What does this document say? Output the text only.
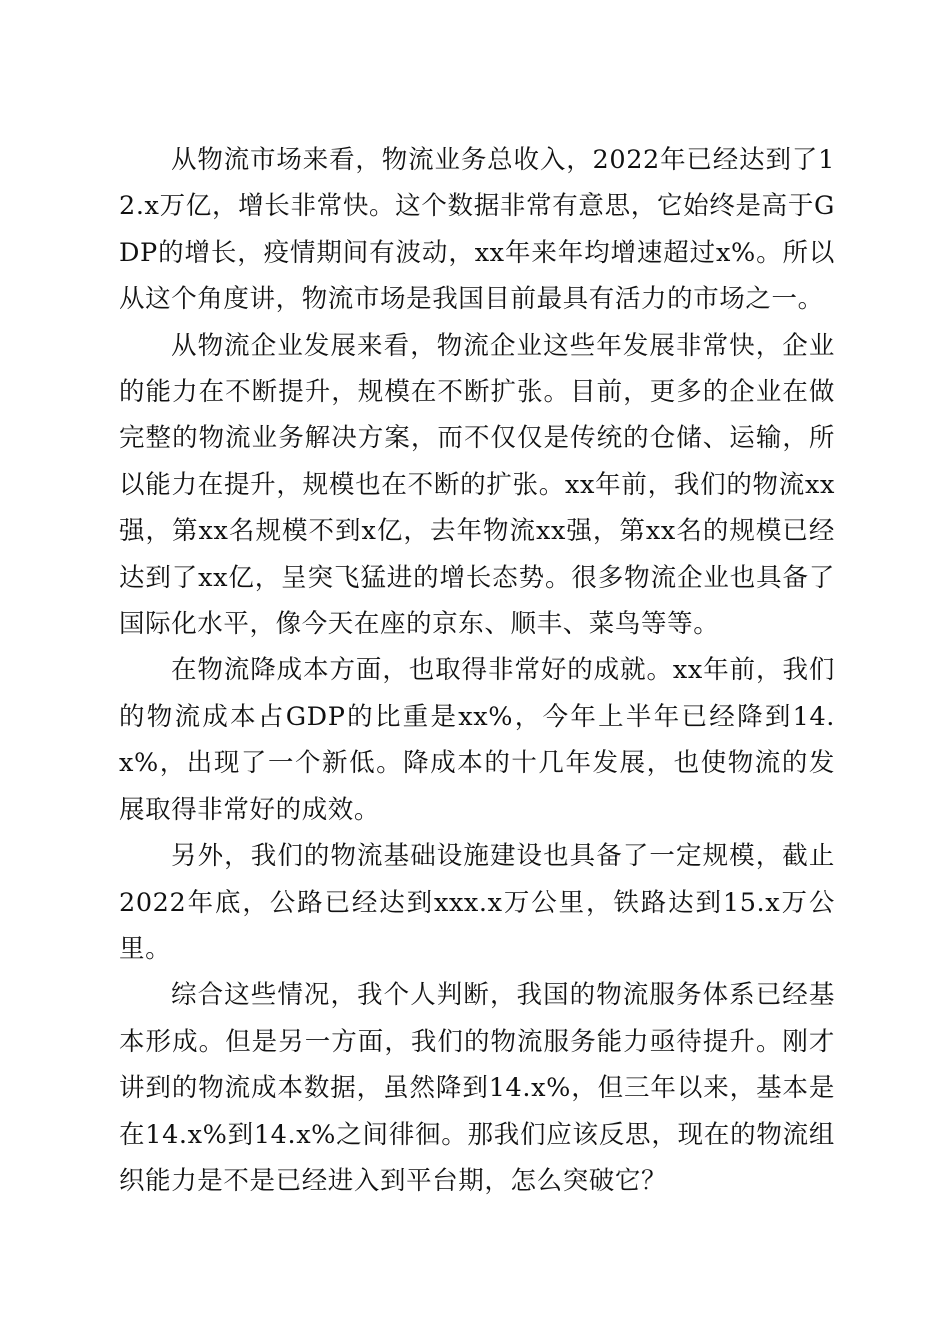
从物流市场来看，物流业务总收入，2022年已经达到了12.x万亿，增长非常快。这个数据非常有意思，它始终是高于GDP的增长，疫情期间有波动，xx年来年均增速超过x%。所以从这个角度讲，物流市场是我国目前最具有活力的市场之一。

从物流企业发展来看，物流企业这些年发展非常快，企业的能力在不断提升，规模在不断扩张。目前，更多的企业在做完整的物流业务解决方案，而不仅仅是传统的仓储、运输，所以能力在提升，规模也在不断的扩张。xx年前，我们的物流xx强，第xx名规模不到x亿，去年物流xx强，第xx名的规模已经达到了xx亿，呈突飞猛进的增长态势。很多物流企业也具备了国际化水平，像今天在座的京东、顺丰、菜鸟等等。

在物流降成本方面，也取得非常好的成就。xx年前，我们的物流成本占GDP的比重是xx%，今年上半年已经降到14.x%，出现了一个新低。降成本的十几年发展，也使物流的发展取得非常好的成效。

另外，我们的物流基础设施建设也具备了一定规模，截止2022年底，公路已经达到xxx.x万公里，铁路达到15.x万公里。

综合这些情况，我个人判断，我国的物流服务体系已经基本形成。但是另一方面，我们的物流服务能力亟待提升。刚才讲到的物流成本数据，虽然降到14.x%，但三年以来，基本是在14.x%到14.x%之间徘徊。那我们应该反思，现在的物流组织能力是不是已经进入到平台期，怎么突破它？
